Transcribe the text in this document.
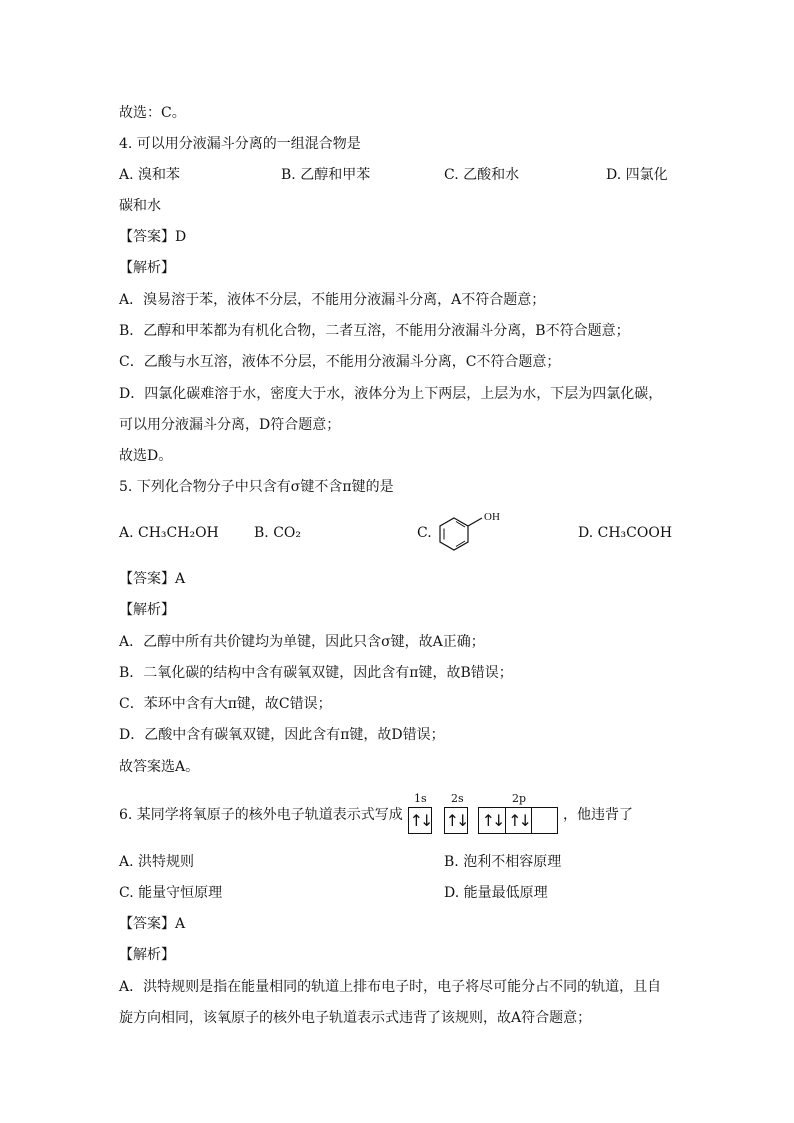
故选：C。
4. 可以用分液漏斗分离的一组混合物是
A. 溴和苯	B. 乙醇和甲苯	C. 乙酸和水	D. 四氯化
碳和水
【答案】D
【解析】
A．溴易溶于苯，液体不分层，不能用分液漏斗分离，A不符合题意；
B．乙醇和甲苯都为有机化合物，二者互溶，不能用分液漏斗分离，B不符合题意；
C．乙酸与水互溶，液体不分层，不能用分液漏斗分离，C不符合题意；
D．四氯化碳难溶于水，密度大于水，液体分为上下两层，上层为水，下层为四氯化碳，
可以用分液漏斗分离，D符合题意；
故选D。
5. 下列化合物分子中只含有σ键不含π键的是
A. CH₃CH₂OH	B. CO₂	C.
OH
D. CH₃COOH
【答案】A
【解析】
A．乙醇中所有共价键均为单键，因此只含σ键，故A正确；
B．二氧化碳的结构中含有碳氧双键，因此含有π键，故B错误；
C．苯环中含有大π键，故C错误；
D．乙酸中含有碳氧双键，因此含有π键，故D错误；
故答案选A。
6. 某同学将氧原子的核外电子轨道表示式写成
1s 2s	2p
↑↓ ↑↓ ↑↓ ↑↓ ，他违背了
A. 洪特规则	B. 泡利不相容原理
C. 能量守恒原理	D. 能量最低原理
【答案】A
【解析】
A．洪特规则是指在能量相同的轨道上排布电子时，电子将尽可能分占不同的轨道，且自
旋方向相同，该氧原子的核外电子轨道表示式违背了该规则，故A符合题意；
